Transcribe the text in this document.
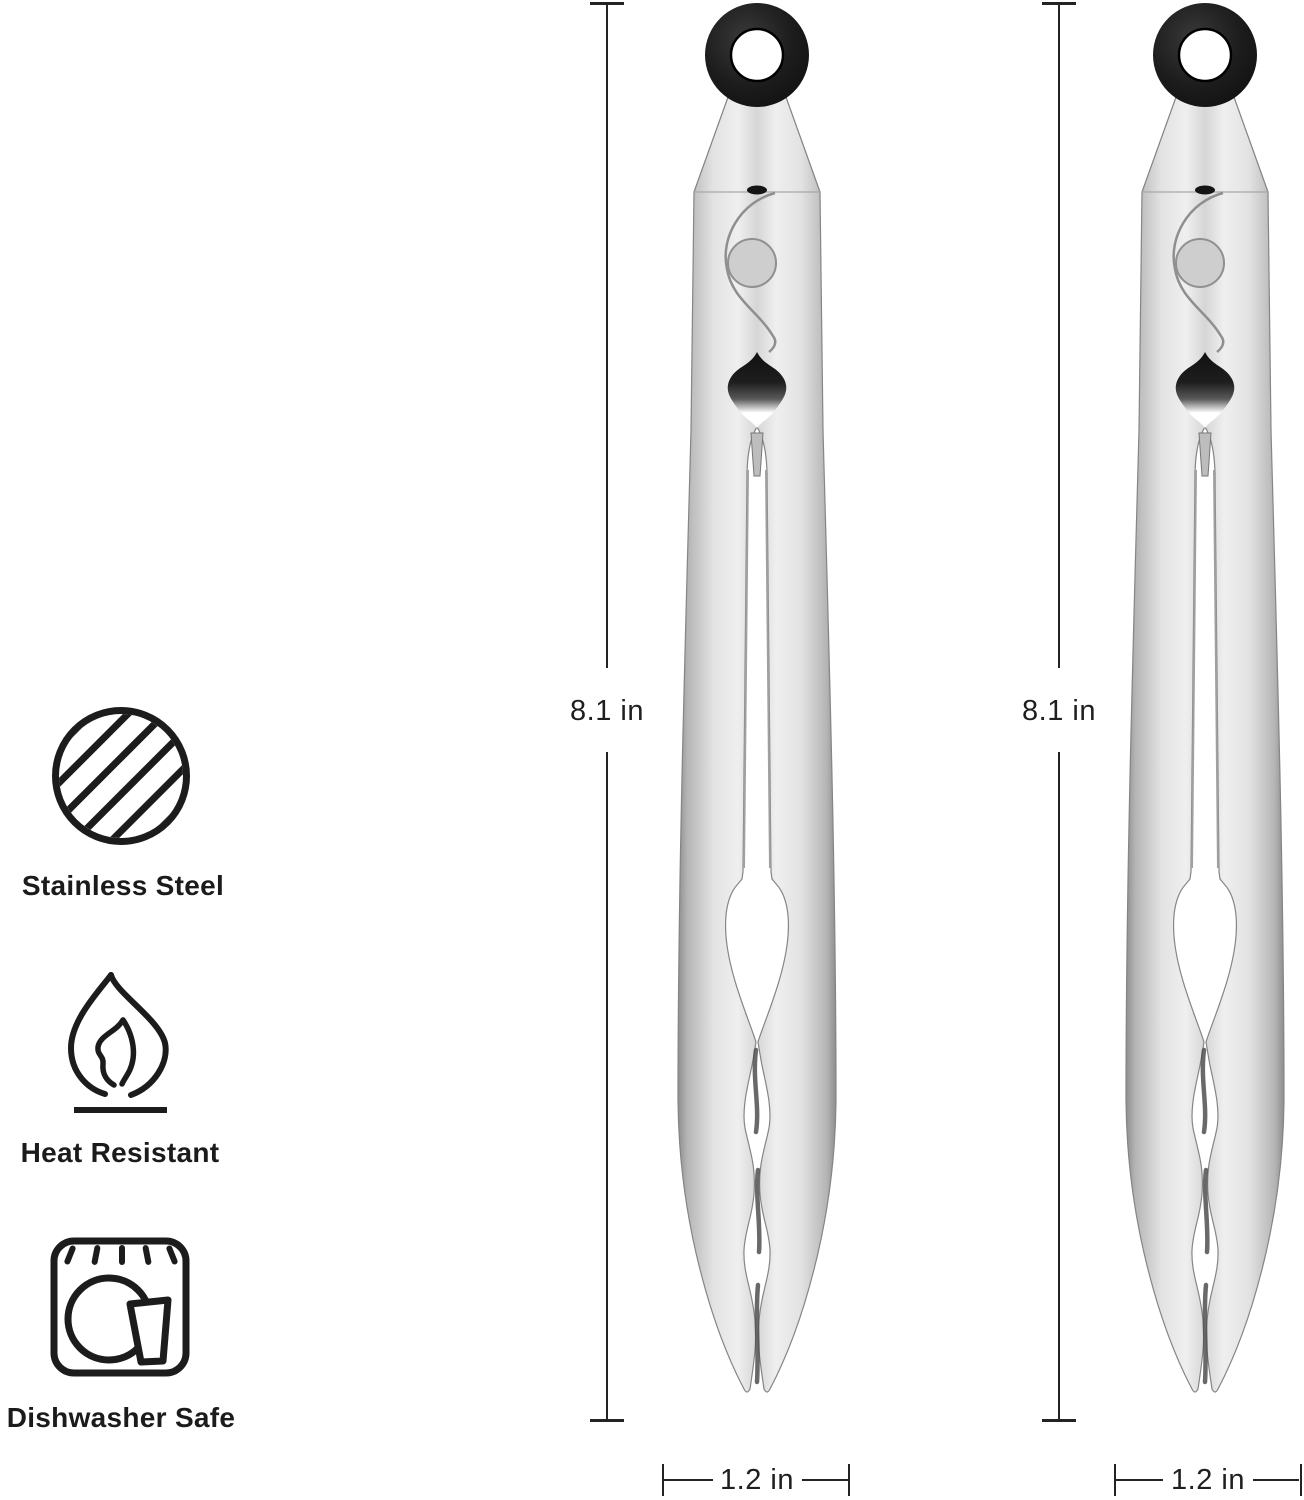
8.1 in	8.1 in
1.2 in	1.2 in
Stainless Steel
Heat Resistant
Dishwasher Safe
